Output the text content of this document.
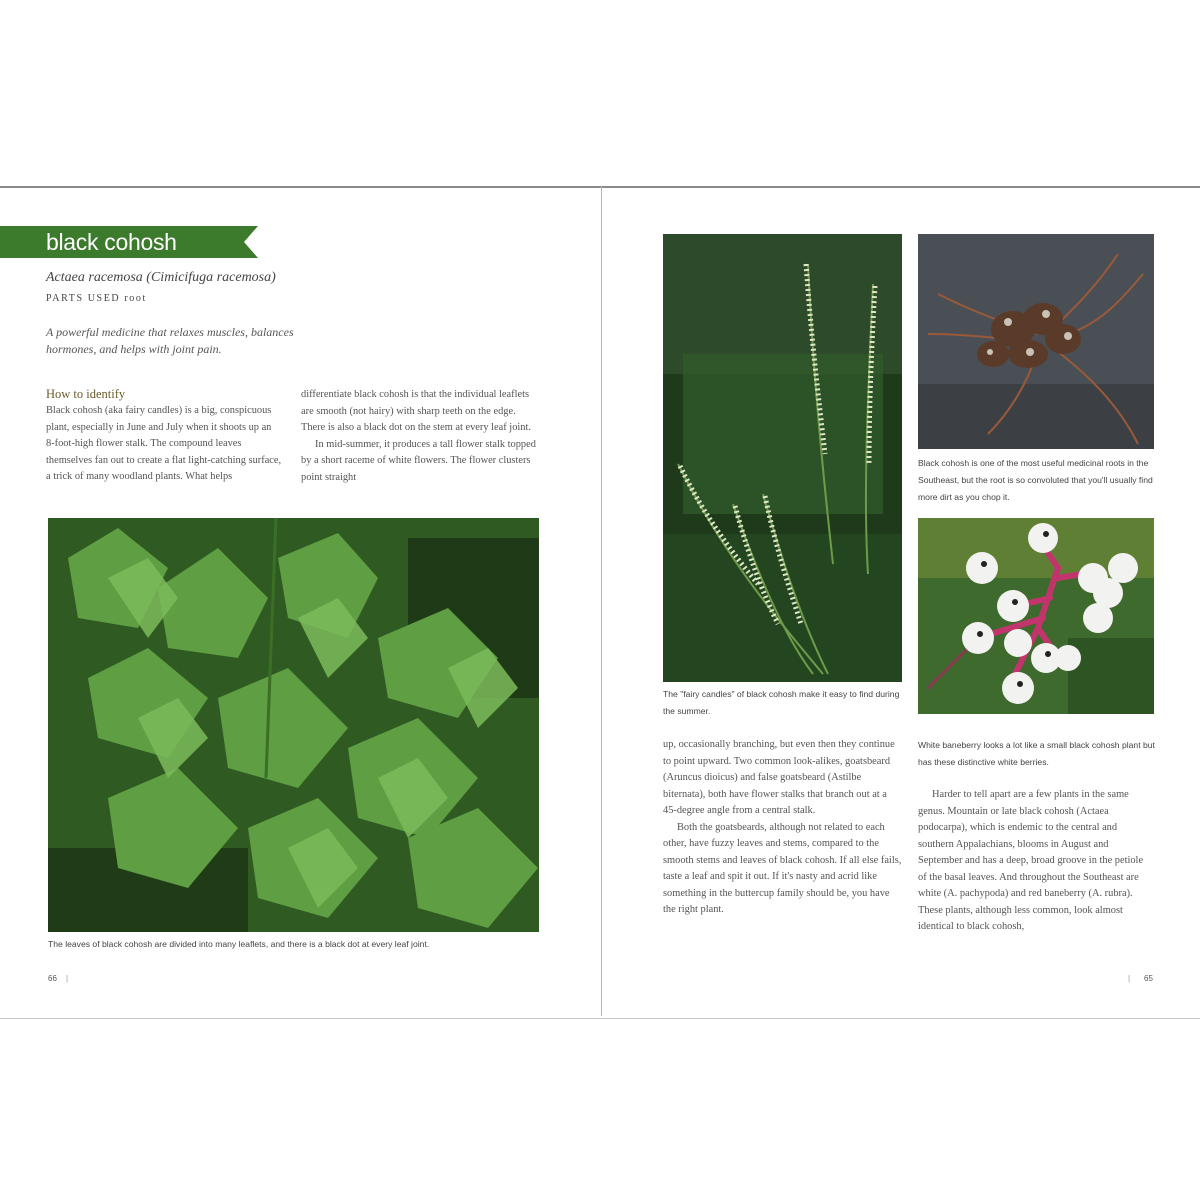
black cohosh
Actaea racemosa (Cimicifuga racemosa)
PARTS USED root
A powerful medicine that relaxes muscles, balances hormones, and helps with joint pain.
How to identify

Black cohosh (aka fairy candles) is a big, conspicuous plant, especially in June and July when it shoots up an 8-foot-high flower stalk. The compound leaves themselves fan out to create a flat light-catching surface, a trick of many woodland plants. What helps

differentiate black cohosh is that the individual leaflets are smooth (not hairy) with sharp teeth on the edge. There is also a black dot on the stem at every leaf joint.

In mid-summer, it produces a tall flower stalk topped by a short raceme of white flowers. The flower clusters point straight

The leaves of black cohosh are divided into many leaflets, and there is a black dot at every leaf joint.
66 |
The "fairy candles" of black cohosh make it easy to find during the summer.
Black cohosh is one of the most useful medicinal roots in the Southeast, but the root is so convoluted that you'll usually find more dirt as you chop it.
White baneberry looks a lot like a small black cohosh plant but has these distinctive white berries.

up, occasionally branching, but even then they continue to point upward. Two common look-alikes, goatsbeard (Aruncus dioicus) and false goatsbeard (Astilbe biternata), both have flower stalks that branch out at a 45-degree angle from a central stalk.

Both the goatsbeards, although not related to each other, have fuzzy leaves and stems, compared to the smooth stems and leaves of black cohosh. If all else fails, taste a leaf and spit it out. If it's nasty and acrid like something in the buttercup family should be, you have the right plant.

Harder to tell apart are a few plants in the same genus. Mountain or late black cohosh (Actaea podocarpa), which is endemic to the central and southern Appalachians, blooms in August and September and has a deep, broad groove in the petiole of the basal leaves. And throughout the Southeast are white (A. pachypoda) and red baneberry (A. rubra). These plants, although less common, look almost identical to black cohosh,

| 65
